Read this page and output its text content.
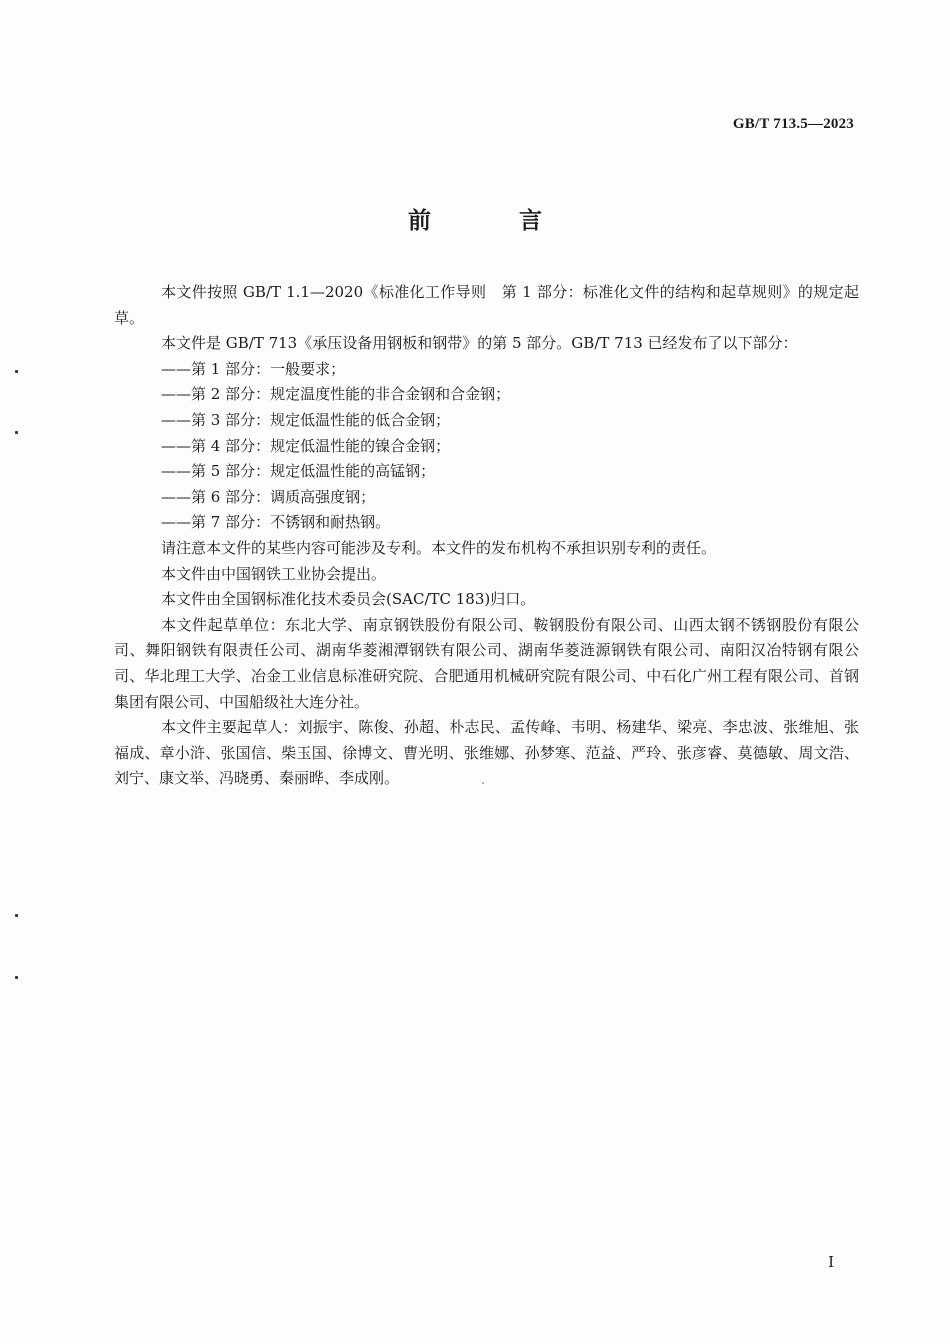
GB/T 713.5—2023
前 言

本文件按照 GB/T 1.1—2020《标准化工作导则　第 1 部分：标准化文件的结构和起草规则》的规定起草。

本文件是 GB/T 713《承压设备用钢板和钢带》的第 5 部分。GB/T 713 已经发布了以下部分：

——第 1 部分：一般要求；

——第 2 部分：规定温度性能的非合金钢和合金钢；

——第 3 部分：规定低温性能的低合金钢；

——第 4 部分：规定低温性能的镍合金钢；

——第 5 部分：规定低温性能的高锰钢；

——第 6 部分：调质高强度钢；

——第 7 部分：不锈钢和耐热钢。

请注意本文件的某些内容可能涉及专利。本文件的发布机构不承担识别专利的责任。

本文件由中国钢铁工业协会提出。

本文件由全国钢标准化技术委员会(SAC/TC 183)归口。

本文件起草单位：东北大学、南京钢铁股份有限公司、鞍钢股份有限公司、山西太钢不锈钢股份有限公司、舞阳钢铁有限责任公司、湖南华菱湘潭钢铁有限公司、湖南华菱涟源钢铁有限公司、南阳汉冶特钢有限公司、华北理工大学、冶金工业信息标准研究院、合肥通用机械研究院有限公司、中石化广州工程有限公司、首钢集团有限公司、中国船级社大连分社。

本文件主要起草人：刘振宇、陈俊、孙超、朴志民、孟传峰、韦明、杨建华、梁亮、李忠波、张维旭、张福成、章小浒、张国信、柴玉国、徐博文、曹光明、张维娜、孙梦寒、范益、严玲、张彦睿、莫德敏、周文浩、刘宁、康文举、冯晓勇、秦丽晔、李成刚。

I
